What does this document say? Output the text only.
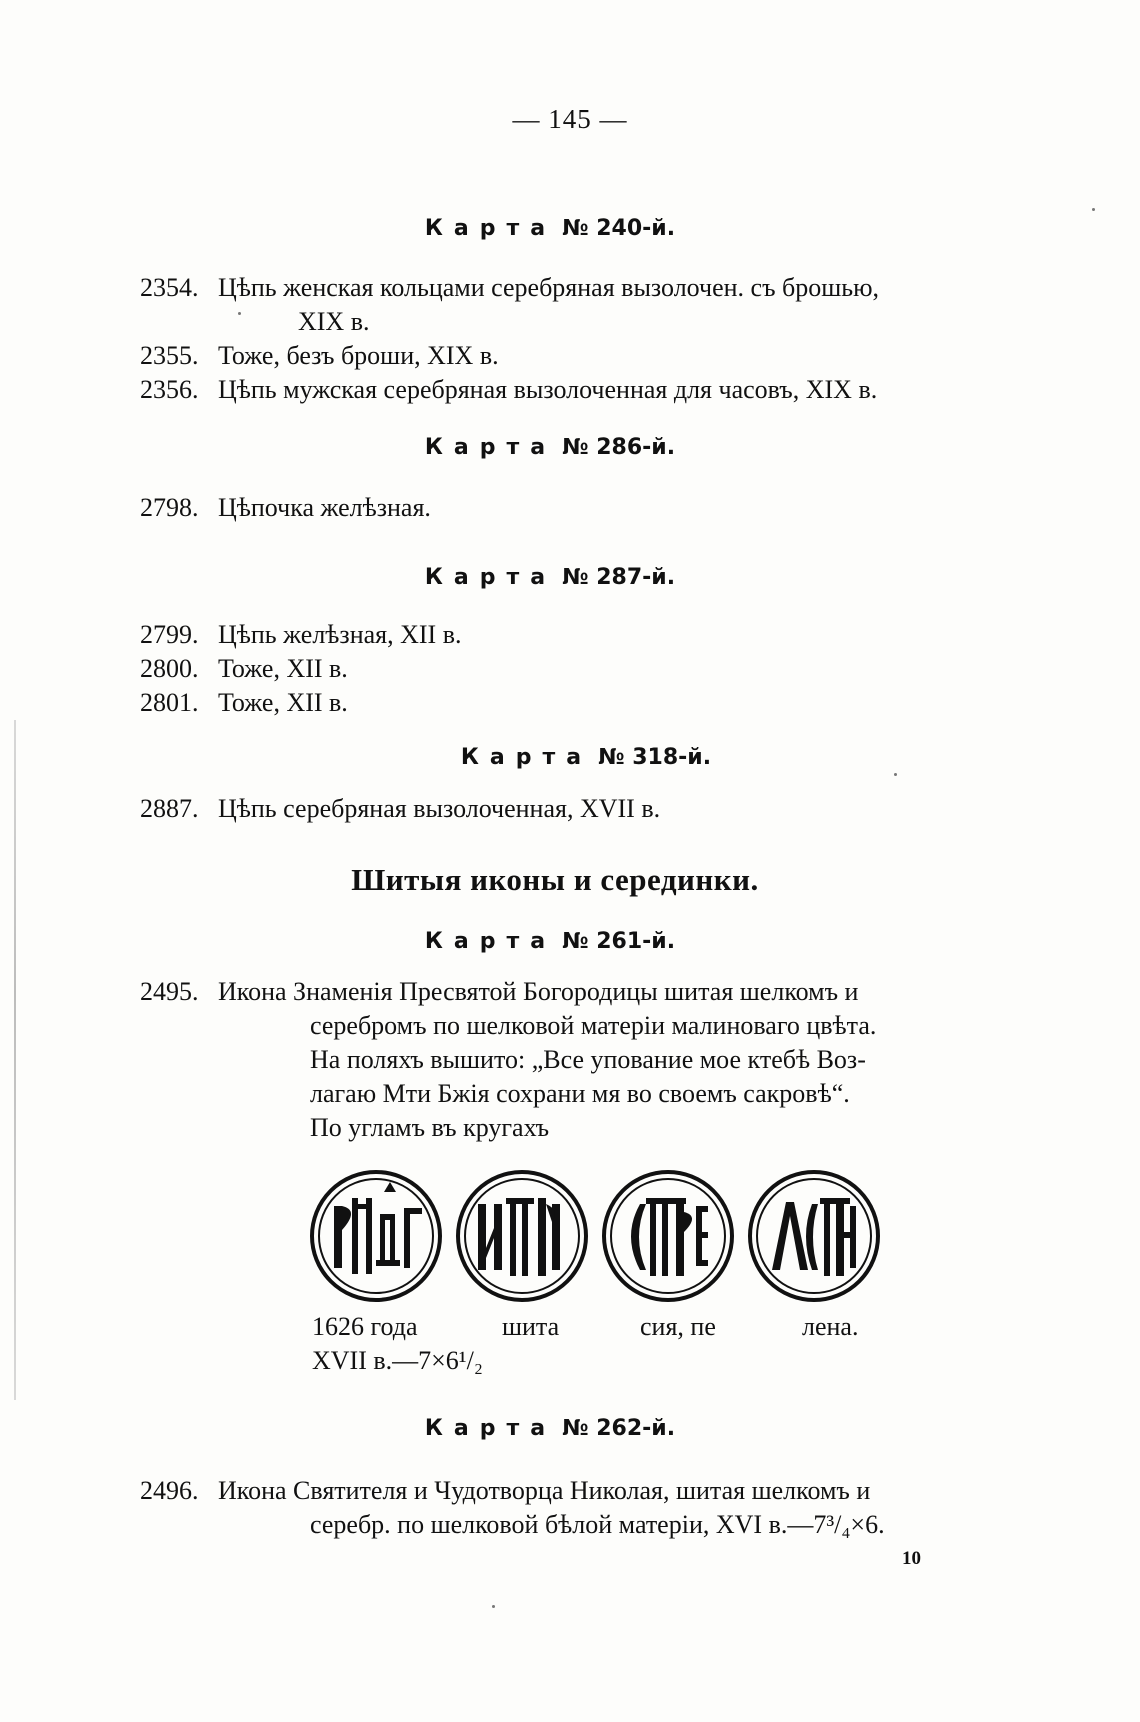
— 145 —
Карта № 240-й.
2354. Цѣпь женская кольцами серебряная вызолочен. съ брошью,
XIX в.
2355. Тоже, безъ броши, XIX в.
2356. Цѣпь мужская серебряная вызолоченная для часовъ, XIX в.
Карта № 286-й.
2798. Цѣпочка желѣзная.
Карта № 287-й.
2799. Цѣпь желѣзная, XII в.
2800. Тоже, XII в.
2801. Тоже, XII в.
Карта № 318-й.
2887. Цѣпь серебряная вызолоченная, XVII в.
Шитыя иконы и серединки.
Карта № 261-й.
2495. Икона Знаменія Пресвятой Богородицы шитая шелкомъ и
серебромъ по шелковой матеріи малиноваго цвѣта.
На поляхъ вышито: „Все упование мое ктебѣ Воз-
лагаю Мти Бжія сохрани мя во своемъ сакровѣ“.
По угламъ въ кругахъ
1626 года	шита	сия, пе	лена.
XVII в.—7×6¹/₂
Карта № 262-й.
2496. Икона Святителя и Чудотворца Николая, шитая шелкомъ и
серебр. по шелковой бѣлой матеріи, XVI в.—7³/₄×6.
10
